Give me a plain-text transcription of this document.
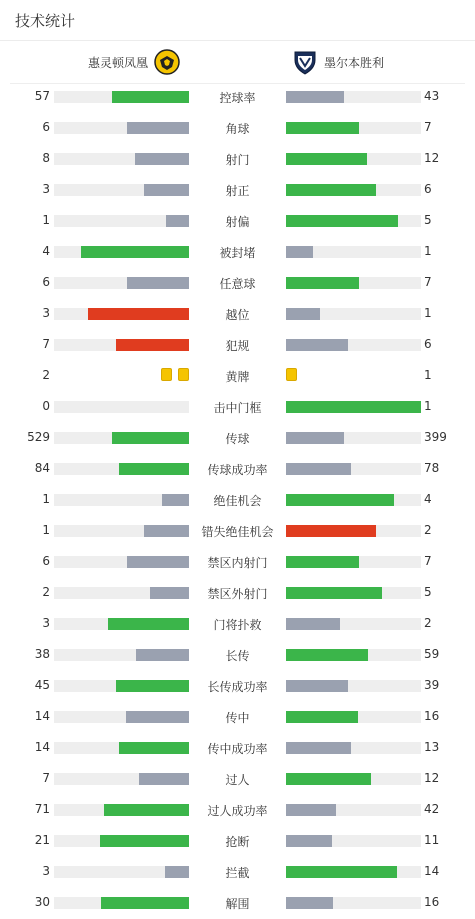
技术统计
惠灵顿凤凰	墨尔本胜利
57	控球率	43
6	角球	7
8	射门	12
3	射正	6
1	射偏	5
4	被封堵	1
6	任意球	7
3	越位	1
7	犯规	6
2	黄牌	1
0	击中门框	1
529	传球	399
84	传球成功率	78
1	绝佳机会	4
1	错失绝佳机会	2
6	禁区内射门	7
2	禁区外射门	5
3	门将扑救	2
38	长传	59
45	长传成功率	39
14	传中	16
14	传中成功率	13
7	过人	12
71	过人成功率	42
21	抢断	11
3	拦截	14
30	解围	16
